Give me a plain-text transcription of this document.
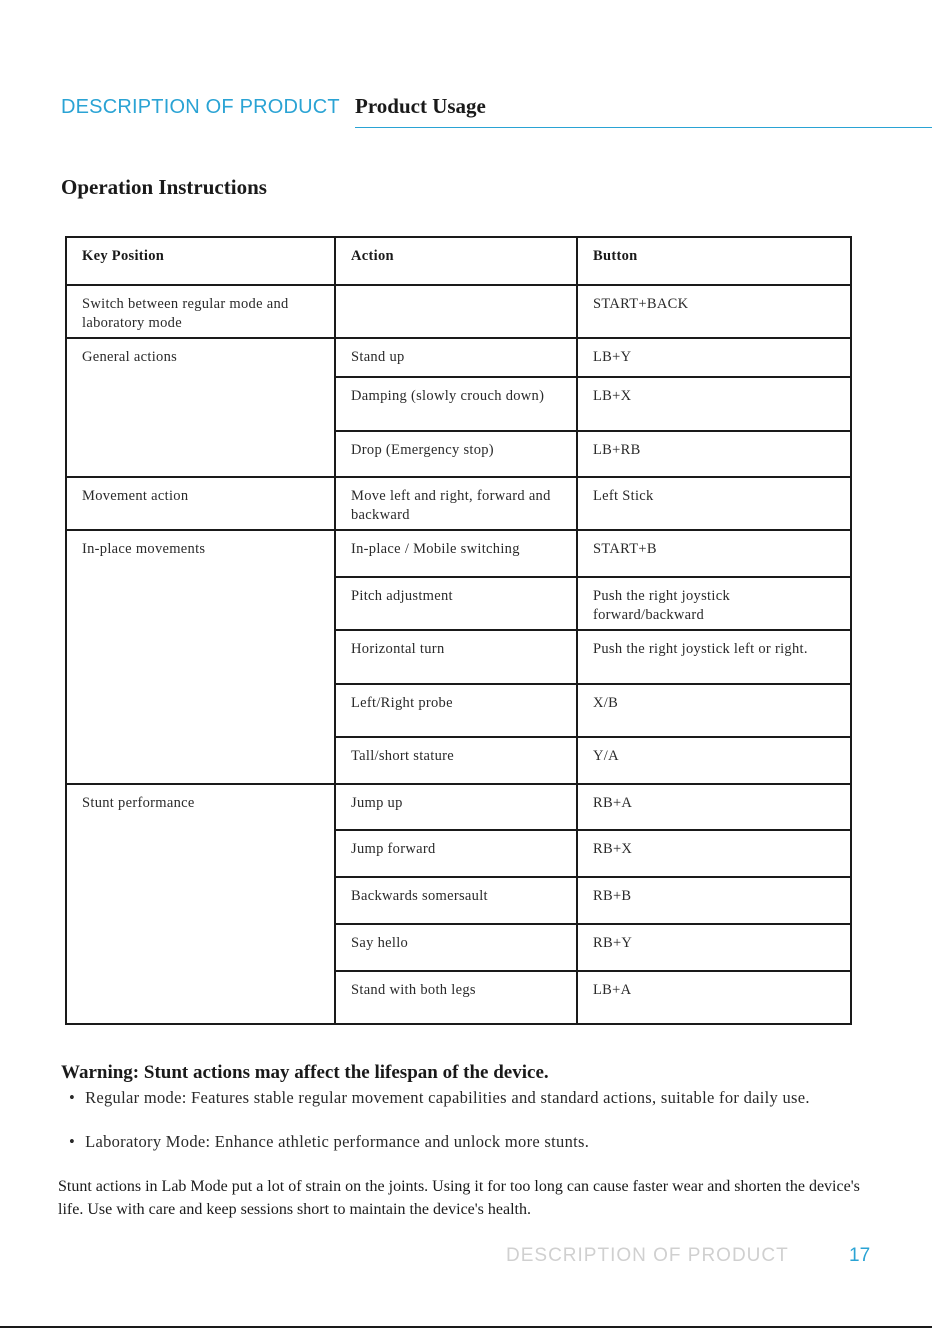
DESCRIPTION OF PRODUCT Product Usage
Operation Instructions
Key Position	Action	Button
Switch between regular mode and laboratory mode		START+BACK
General actions	Stand up	LB+Y
	Damping (slowly crouch down)	LB+X
	Drop (Emergency stop)	LB+RB
Movement action	Move left and right, forward and backward	Left Stick
In-place movements	In-place / Mobile switching	START+B
	Pitch adjustment	Push the right joystick forward/backward
	Horizontal turn	Push the right joystick left or right.
	Left/Right probe	X/B
	Tall/short stature	Y/A
Stunt performance	Jump up	RB+A
	Jump forward	RB+X
	Backwards somersault	RB+B
	Say hello	RB+Y
	Stand with both legs	LB+A
Warning: Stunt actions may affect the lifespan of the device.
• Regular mode: Features stable regular movement capabilities and standard actions, suitable for daily use.
• Laboratory Mode: Enhance athletic performance and unlock more stunts.
Stunt actions in Lab Mode put a lot of strain on the joints. Using it for too long can cause faster wear and shorten the device's life. Use with care and keep sessions short to maintain the device's health.
DESCRIPTION OF PRODUCT	17
